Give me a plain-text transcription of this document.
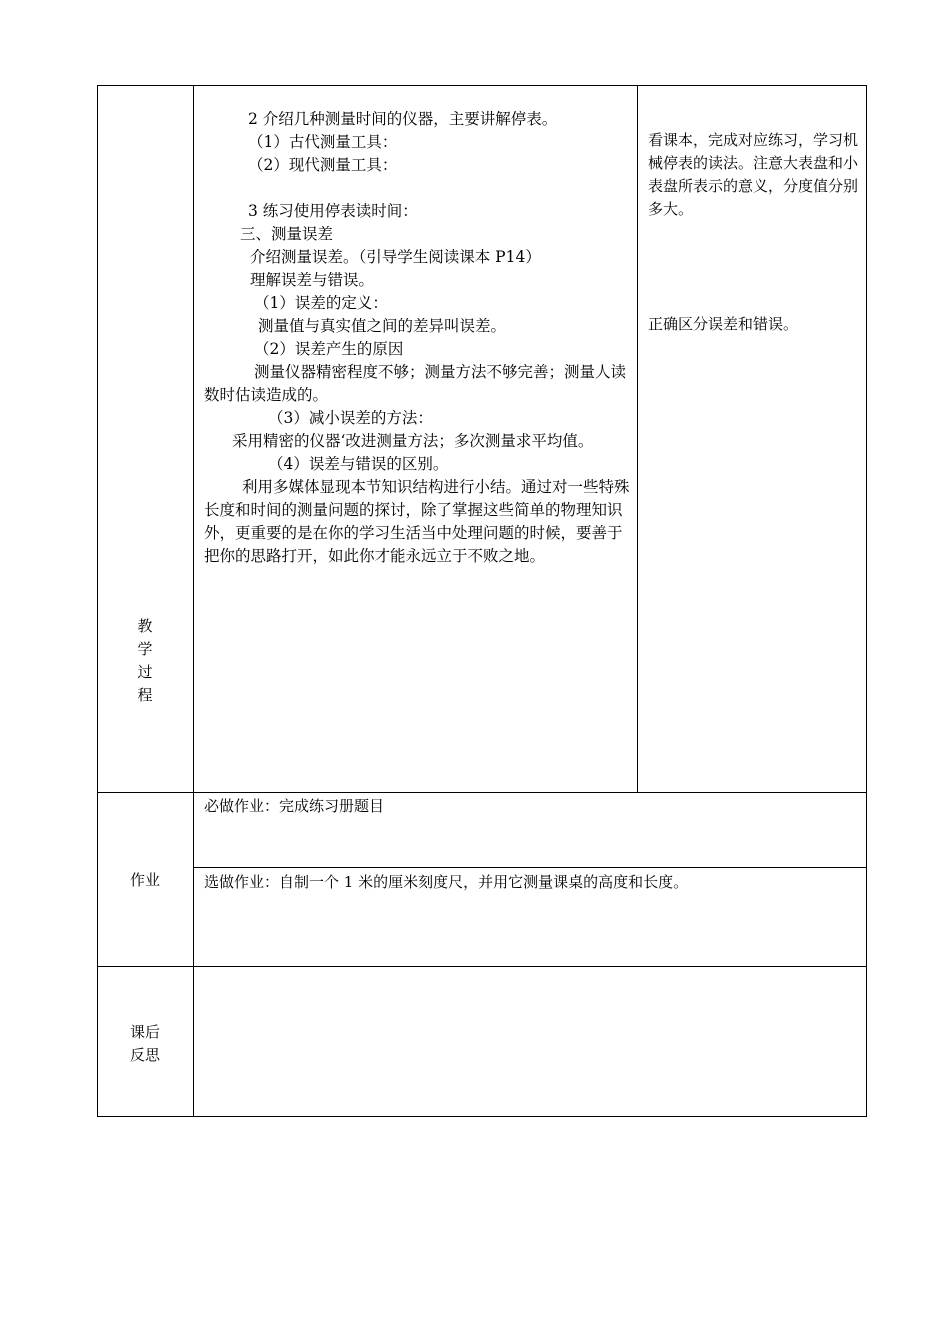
教
学
过
程
2 介绍几种测量时间的仪器，主要讲解停表。
（1）古代测量工具：
（2）现代测量工具：
3 练习使用停表读时间：
三、测量误差
介绍测量误差。（引导学生阅读课本 P14）
理解误差与错误。
（1）误差的定义：
测量值与真实值之间的差异叫误差。
（2）误差产生的原因
测量仪器精密程度不够；测量方法不够完善；测量人读数时估读造成的。
（3）减小误差的方法：
采用精密的仪器‘改进测量方法；多次测量求平均值。
（4）误差与错误的区别。
利用多媒体显现本节知识结构进行小结。通过对一些特殊长度和时间的测量问题的探讨，除了掌握这些简单的物理知识外，更重要的是在你的学习生活当中处理问题的时候，要善于把你的思路打开，如此你才能永远立于不败之地。
看课本，完成对应练习，学习机械停表的读法。注意大表盘和小表盘所表示的意义，分度值分别多大。
正确区分误差和错误。
作业
必做作业：完成练习册题目
选做作业：自制一个 1 米的厘米刻度尺，并用它测量课桌的高度和长度。
课后
反思
